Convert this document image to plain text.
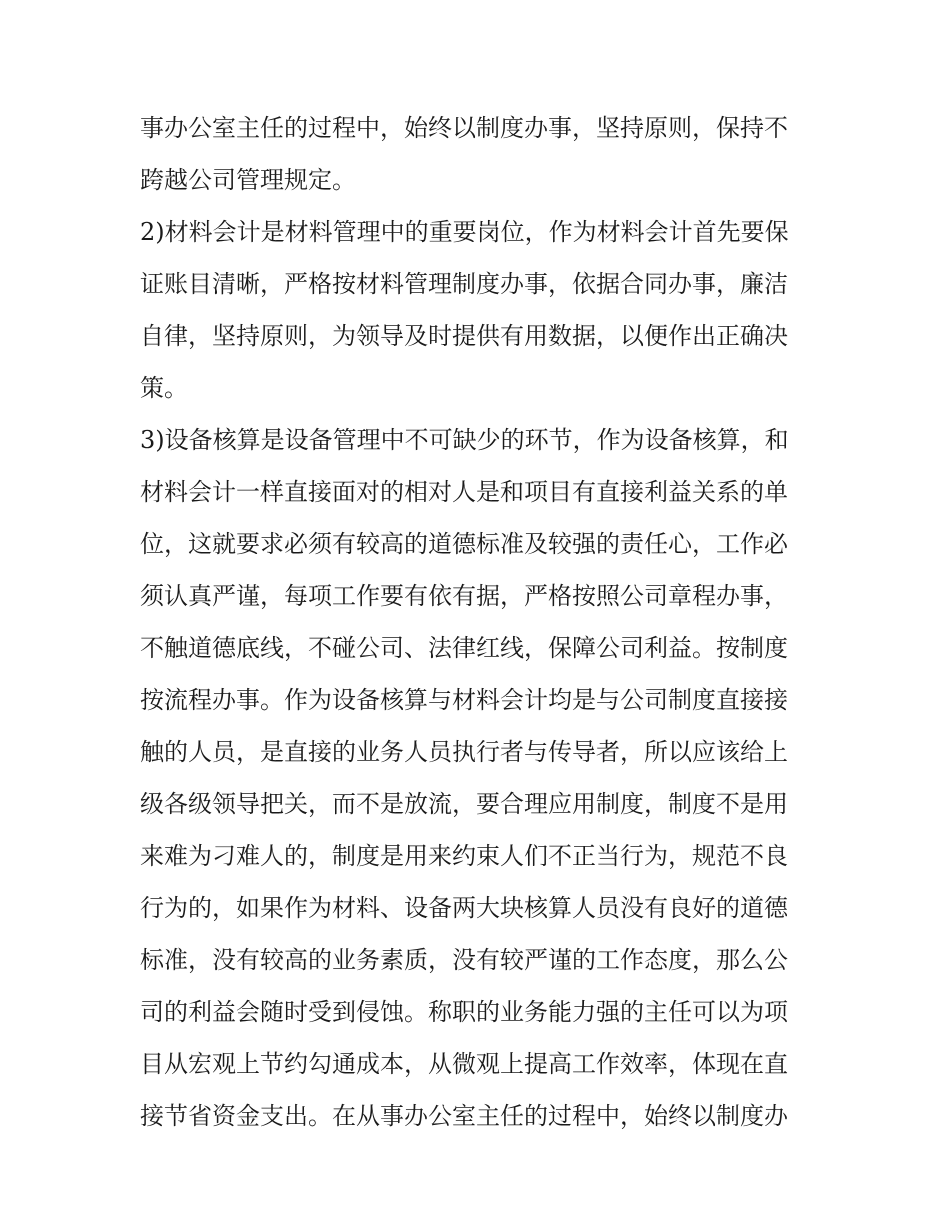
事办公室主任的过程中，始终以制度办事，坚持原则，保持不
跨越公司管理规定。
2)材料会计是材料管理中的重要岗位，作为材料会计首先要保
证账目清晰，严格按材料管理制度办事，依据合同办事，廉洁
自律，坚持原则，为领导及时提供有用数据，以便作出正确决
策。
3)设备核算是设备管理中不可缺少的环节，作为设备核算，和
材料会计一样直接面对的相对人是和项目有直接利益关系的单
位，这就要求必须有较高的道德标准及较强的责任心，工作必
须认真严谨，每项工作要有依有据，严格按照公司章程办事，
不触道德底线，不碰公司、法律红线，保障公司利益。按制度
按流程办事。作为设备核算与材料会计均是与公司制度直接接
触的人员，是直接的业务人员执行者与传导者，所以应该给上
级各级领导把关，而不是放流，要合理应用制度，制度不是用
来难为刁难人的，制度是用来约束人们不正当行为，规范不良
行为的，如果作为材料、设备两大块核算人员没有良好的道德
标准，没有较高的业务素质，没有较严谨的工作态度，那么公
司的利益会随时受到侵蚀。称职的业务能力强的主任可以为项
目从宏观上节约勾通成本，从微观上提高工作效率，体现在直
接节省资金支出。在从事办公室主任的过程中，始终以制度办
